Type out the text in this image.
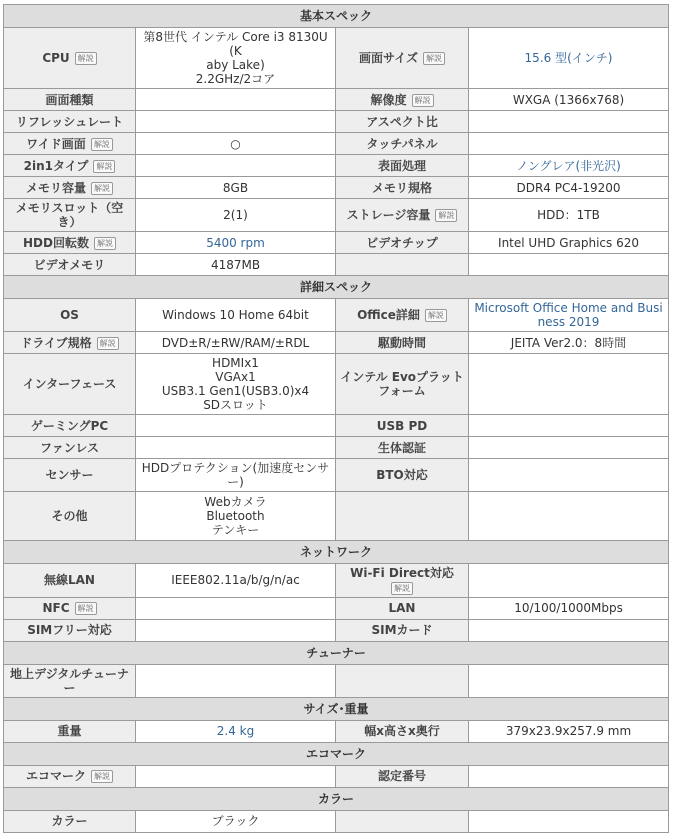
基本スペック			
CPU 解説	第8世代 インテル Core i3 8130U(K
aby Lake)
2.2GHz/2コア	画面サイズ 解説	15.6 型(インチ)
画面種類		解像度 解説	WXGA (1366x768)
リフレッシュレート		アスペクト比	
ワイド画面 解説	○	タッチパネル	
2in1タイプ 解説		表面処理	ノングレア(非光沢)
メモリ容量 解説	8GB	メモリ規格	DDR4 PC4-19200
メモリスロット（空き）	2(1)	ストレージ容量 解説	HDD：1TB
HDD回転数 解説	5400 rpm	ビデオチップ	Intel UHD Graphics 620
ビデオメモリ	4187MB		
詳細スペック			
OS	Windows 10 Home 64bit	Office詳細 解説	Microsoft Office Home and Business 2019
ドライブ規格 解説	DVD±R/±RW/RAM/±RDL	駆動時間	JEITA Ver2.0：8時間
インターフェース	HDMIx1
VGAx1
USB3.1 Gen1(USB3.0)x4
SDスロット	インテル Evoプラットフォーム	
ゲーミングPC		USB PD	
ファンレス		生体認証	
センサー	HDDプロテクション(加速度センサー)	BTO対応	
その他	Webカメラ
Bluetooth
テンキー		

ネットワーク			
無線LAN	IEEE802.11a/b/g/n/ac	Wi-Fi Direct対応
解説	
NFC 解説		LAN	10/100/1000Mbps
SIMフリー対応		SIMカード	
チューナー			
地上デジタルチューナー			
サイズ･重量			
重量	2.4 kg	幅x高さx奥行	379x23.9x257.9 mm
エコマーク			
エコマーク 解説		認定番号	
カラー			
カラー	ブラック		
